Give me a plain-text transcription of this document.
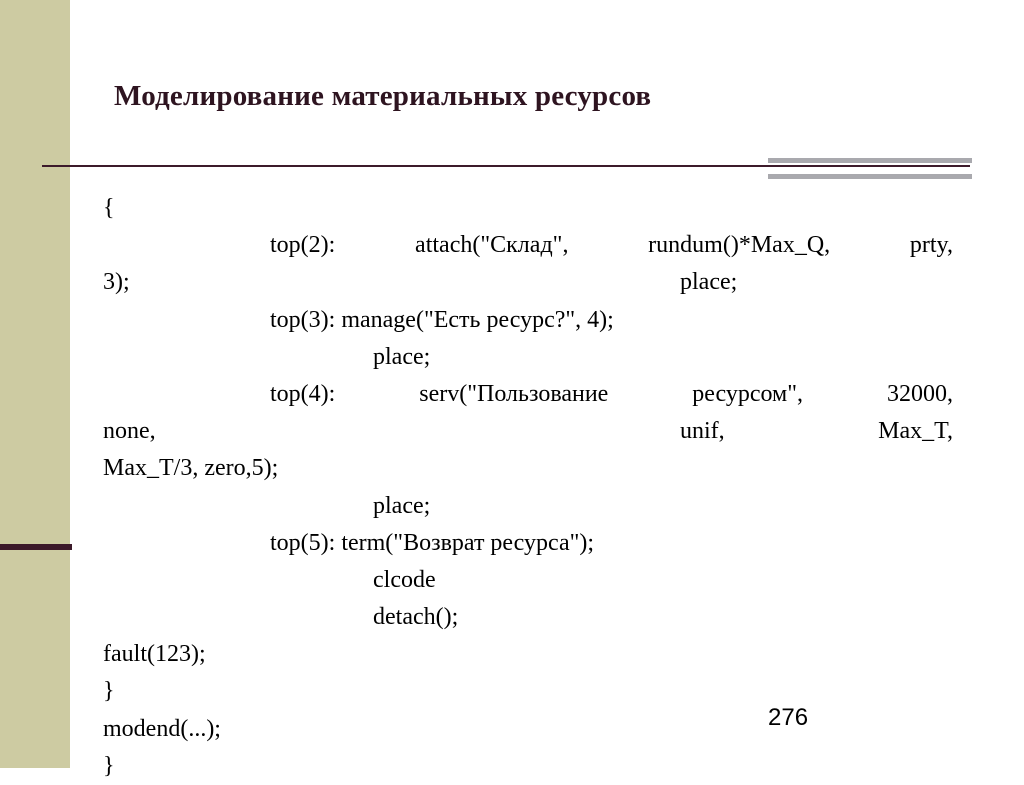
Моделирование материальных ресурсов
{
top(2): attach("Склад", rundum()*Max_Q, prty,
3);	place;
top(3): manage("Есть ресурс?", 4);
place;
top(4): serv("Пользование ресурсом", 32000,
none,	unif,	Max_T,
Max_T/3, zero,5);
place;
top(5): term("Возврат ресурса");
clcode
detach();
fault(123);
}
modend(...);
}
276
